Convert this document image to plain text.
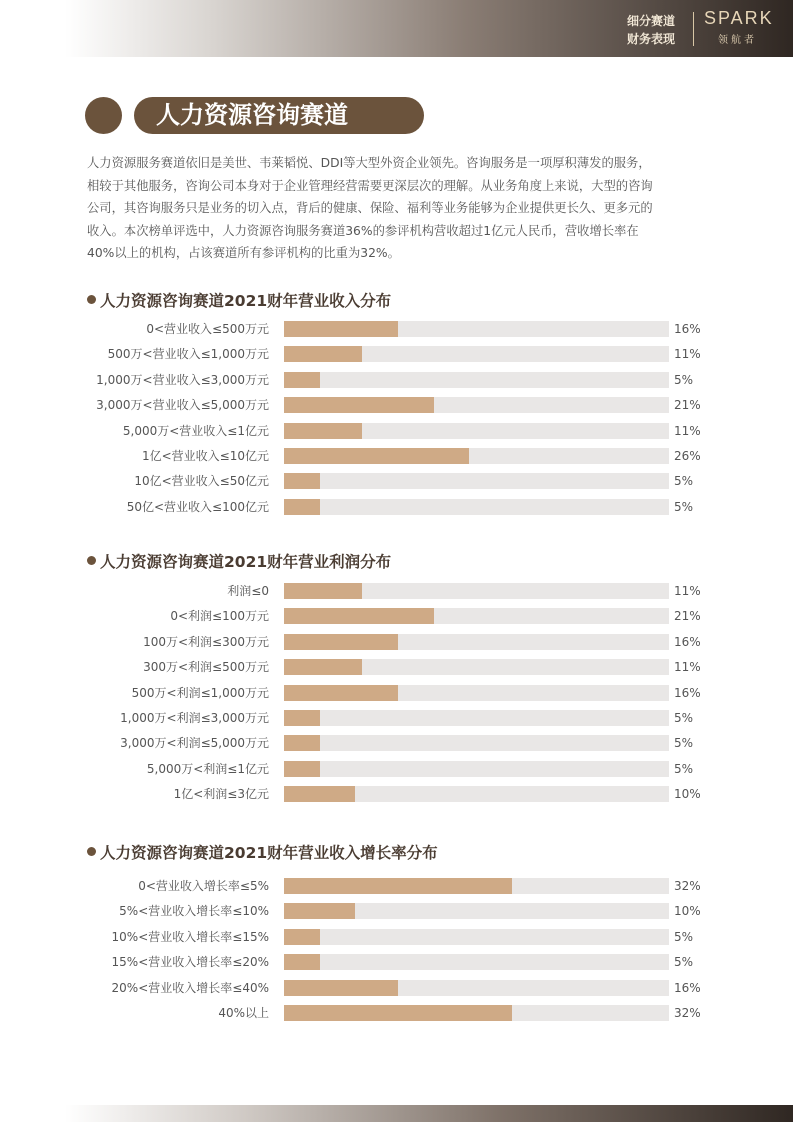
细分赛道
财务表现
SPARK
领航者
人力资源咨询赛道

人力资源服务赛道依旧是美世、韦莱韬悦、DDI等大型外资企业领先。咨询服务是一项厚积薄发的服务，

相较于其他服务，咨询公司本身对于企业管理经营需要更深层次的理解。从业务角度上来说，大型的咨询

公司，其咨询服务只是业务的切入点，背后的健康、保险、福利等业务能够为企业提供更长久、更多元的

收入。本次榜单评选中，人力资源咨询服务赛道36%的参评机构营收超过1亿元人民币，营收增长率在

40%以上的机构，占该赛道所有参评机构的比重为32%。

人力资源咨询赛道2021财年营业收入分布
0<营业收入≤500万元	16%
500万<营业收入≤1,000万元	11%
1,000万<营业收入≤3,000万元	5%
3,000万<营业收入≤5,000万元	21%
5,000万<营业收入≤1亿元	11%
1亿<营业收入≤10亿元	26%
10亿<营业收入≤50亿元	5%
50亿<营业收入≤100亿元	5%
人力资源咨询赛道2021财年营业利润分布
利润≤0	11%
0<利润≤100万元	21%
100万<利润≤300万元	16%
300万<利润≤500万元	11%
500万<利润≤1,000万元	16%
1,000万<利润≤3,000万元	5%
3,000万<利润≤5,000万元	5%
5,000万<利润≤1亿元	5%
1亿<利润≤3亿元	10%
人力资源咨询赛道2021财年营业收入增长率分布
0<营业收入增长率≤5%	32%
5%<营业收入增长率≤10%	10%
10%<营业收入增长率≤15%	5%
15%<营业收入增长率≤20%	5%
20%<营业收入增长率≤40%	16%
40%以上	32%
